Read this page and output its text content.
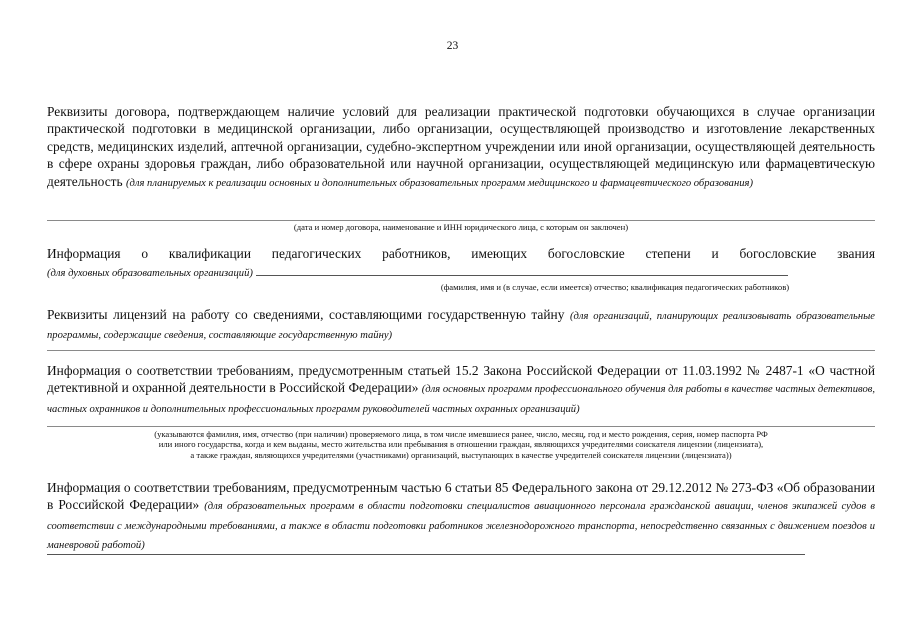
23
Реквизиты договора, подтверждающем наличие условий для реализации практической подготовки обучающихся в случае организации практической подготовки в медицинской организации, либо организации, осуществляющей производство и изготовление лекарственных средств, медицинских изделий, аптечной организации, судебно-экспертном учреждении или иной организации, осуществляющей деятельность в сфере охраны здоровья граждан, либо образовательной или научной организации, осуществляющей медицинскую или фармацевтическую деятельность (для планируемых к реализации основных и дополнительных образовательных программ медицинского и фармацевтического образования)
(дата и номер договора, наименование и ИНН юридического лица, с которым он заключен)
Информация о квалификации педагогических работников, имеющих богословские степени и богословские звания
(для духовных образовательных организаций)
(фамилия, имя и (в случае, если имеется) отчество; квалификация педагогических работников)
Реквизиты лицензий на работу со сведениями, составляющими государственную тайну (для организаций, планирующих реализовывать образовательные программы, содержащие сведения, составляющие государственную тайну)
Информация о соответствии требованиям, предусмотренным статьей 15.2 Закона Российской Федерации от 11.03.1992 № 2487-1 «О частной детективной и охранной деятельности в Российской Федерации» (для основных программ профессионального обучения для работы в качестве частных детективов, частных охранников и дополнительных профессиональных программ руководителей частных охранных организаций)
(указываются фамилия, имя, отчество (при наличии) проверяемого лица, в том числе имевшиеся ранее, число, месяц, год и место рождения, серия, номер паспорта РФ
или иного государства, когда и кем выданы, место жительства или пребывания в отношении граждан, являющихся учредителями соискателя лицензии (лицензиата),
а также граждан, являющихся учредителями (участниками) организаций, выступающих в качестве учредителей соискателя лицензии (лицензиата))
Информация о соответствии требованиям, предусмотренным частью 6 статьи 85 Федерального закона от 29.12.2012 № 273-ФЗ «Об образовании в Российской Федерации» (для образовательных программ в области подготовки специалистов авиационного персонала гражданской авиации, членов экипажей судов в соответствии с международными требованиями, а также в области подготовки работников железнодорожного транспорта, непосредственно связанных с движением поездов и маневровой работой)
